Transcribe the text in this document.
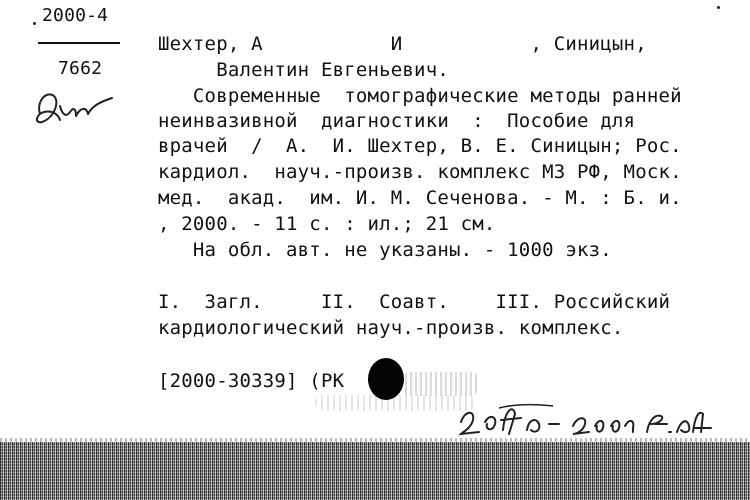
2000-4
7662
Шехтер, А           И           , Синицын,
Валентин Евгеньевич.
Современные  томографические методы ранней
неинвазивной  диагностики  :  Пособие для
врачей  /  А.  И. Шехтер, В. Е. Синицын; Рос.
кардиол.  науч.-произв. комплекс МЗ РФ, Моск.
мед.  акад.  им. И. М. Сеченова. - М. : Б. и.
, 2000. - 11 с. : ил.; 21 см.
На обл. авт. не указаны. - 1000 экз.
I.  Загл.     II.  Соавт.    III. Российский
кардиологический науч.-произв. комплекс.
[2000-30339] (РК
